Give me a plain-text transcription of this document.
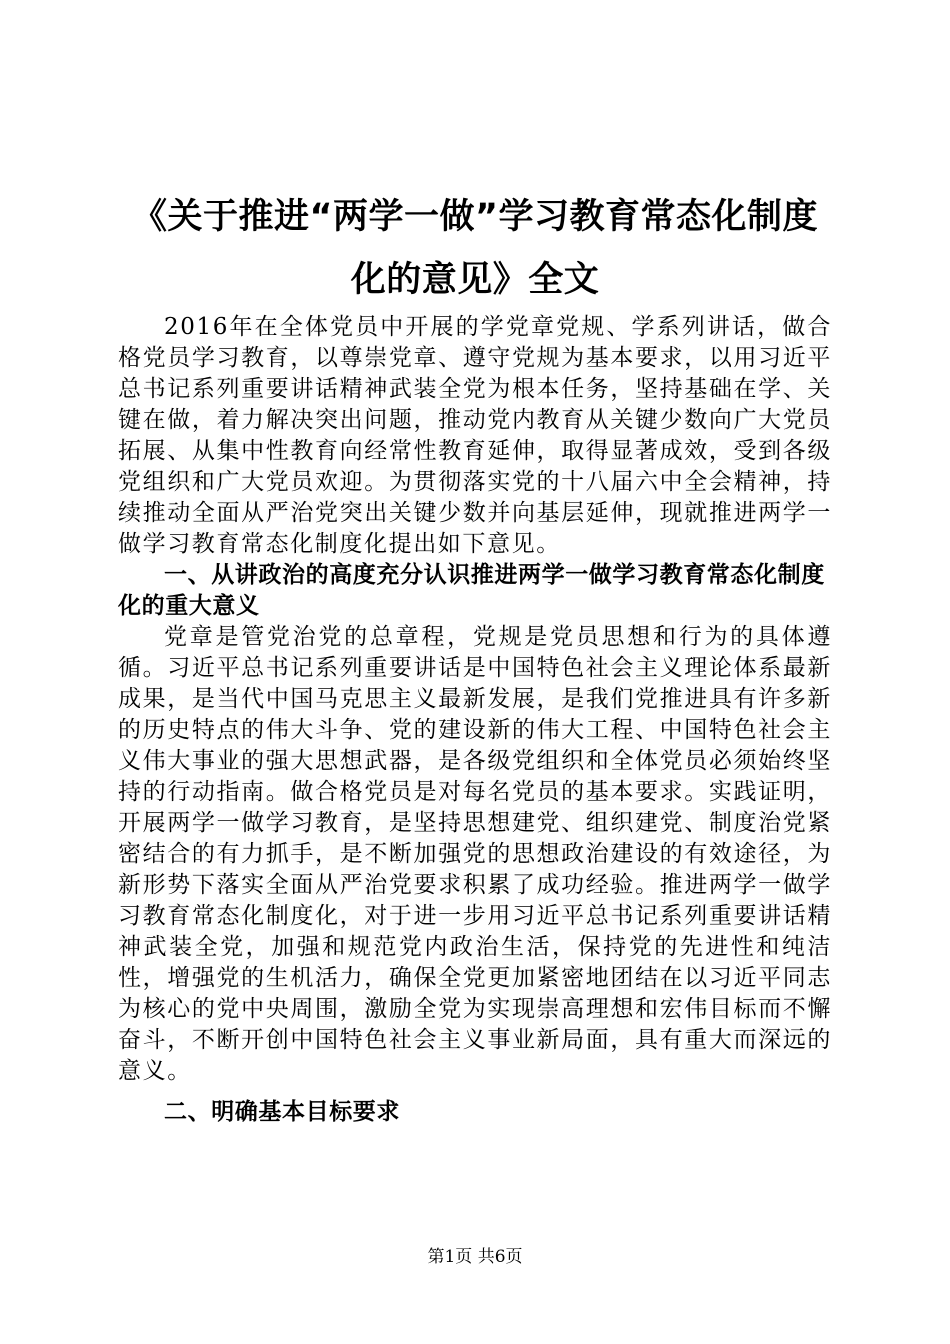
《关于推进“两学一做”学习教育常态化制度化的意见》全文

2016年在全体党员中开展的学党章党规、学系列讲话，做合格党员学习教育，以尊崇党章、遵守党规为基本要求，以用习近平总书记系列重要讲话精神武装全党为根本任务，坚持基础在学、关键在做，着力解决突出问题，推动党内教育从关键少数向广大党员拓展、从集中性教育向经常性教育延伸，取得显著成效，受到各级党组织和广大党员欢迎。为贯彻落实党的十八届六中全会精神，持续推动全面从严治党突出关键少数并向基层延伸，现就推进两学一做学习教育常态化制度化提出如下意见。

一、从讲政治的高度充分认识推进两学一做学习教育常态化制度化的重大意义

党章是管党治党的总章程，党规是党员思想和行为的具体遵循。习近平总书记系列重要讲话是中国特色社会主义理论体系最新成果，是当代中国马克思主义最新发展，是我们党推进具有许多新的历史特点的伟大斗争、党的建设新的伟大工程、中国特色社会主义伟大事业的强大思想武器，是各级党组织和全体党员必须始终坚持的行动指南。做合格党员是对每名党员的基本要求。实践证明，开展两学一做学习教育，是坚持思想建党、组织建党、制度治党紧密结合的有力抓手，是不断加强党的思想政治建设的有效途径，为新形势下落实全面从严治党要求积累了成功经验。推进两学一做学习教育常态化制度化，对于进一步用习近平总书记系列重要讲话精神武装全党，加强和规范党内政治生活，保持党的先进性和纯洁性，增强党的生机活力，确保全党更加紧密地团结在以习近平同志为核心的党中央周围，激励全党为实现崇高理想和宏伟目标而不懈奋斗，不断开创中国特色社会主义事业新局面，具有重大而深远的意义。

二、明确基本目标要求
第1页 共6页
